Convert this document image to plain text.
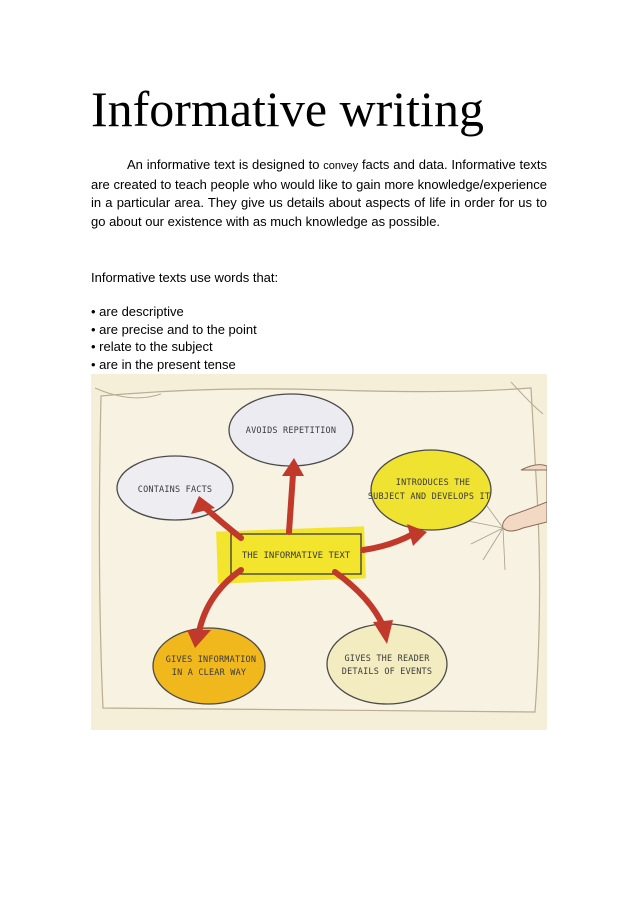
Informative writing

An informative text is designed to convey facts and data. Informative texts are created to teach people who would like to gain more knowledge/experience in a particular area. They give us details about aspects of life in order for us to go about our existence with as much knowledge as possible.

Informative texts use words that:

• are descriptive
• are precise and to the point
• relate to the subject
• are in the present tense
AVOIDS REPETITION
CONTAINS FACTS
INTRODUCES THE
SUBJECT AND DEVELOPS IT
GIVES INFORMATION
IN A CLEAR WAY
GIVES THE READER
DETAILS OF EVENTS
THE INFORMATIVE TEXT
